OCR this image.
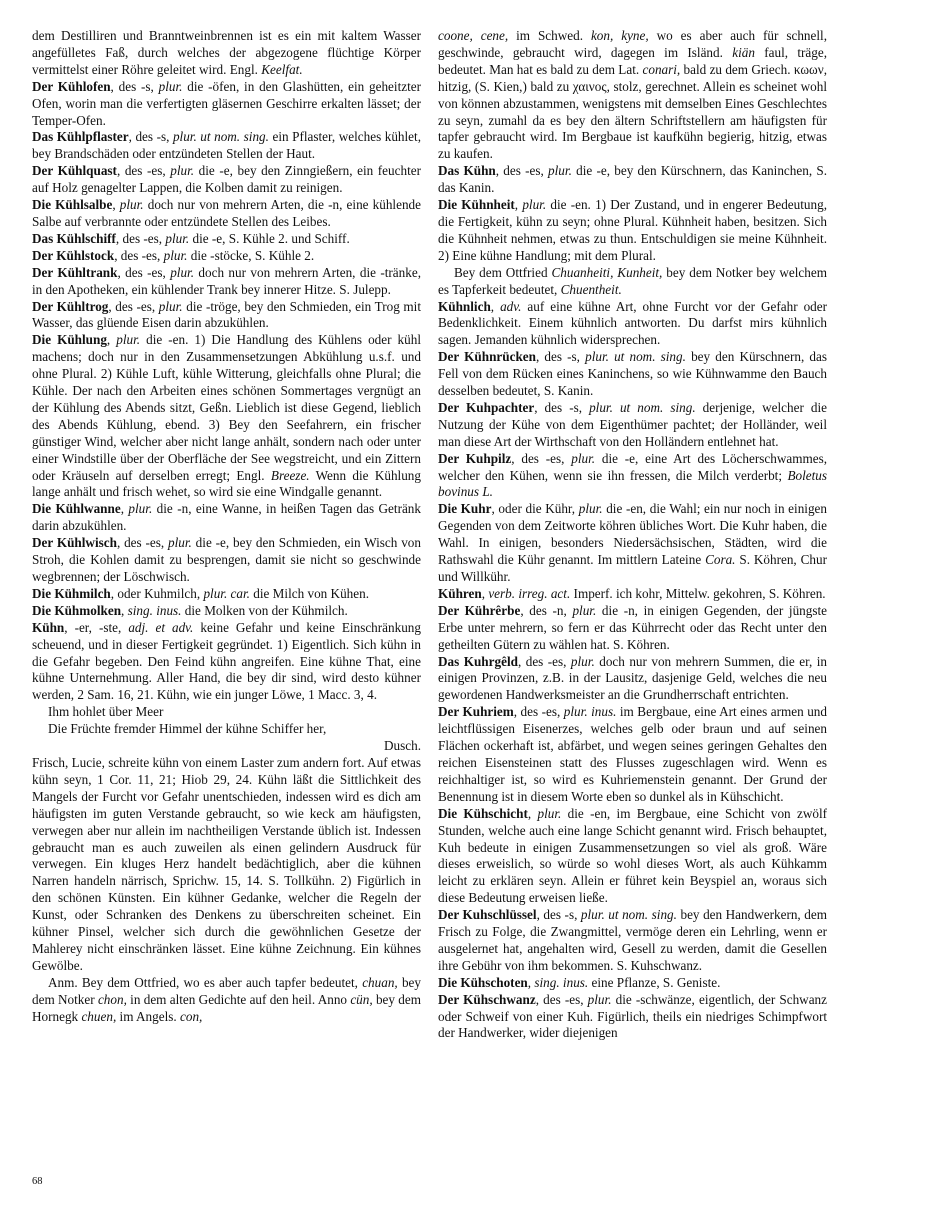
dem Destilliren und Branntweinbrennen ist es ein mit kaltem Wasser angefülletes Faß, durch welches der abgezogene flüchtige Körper vermittelst einer Röhre geleitet wird. Engl. Keelfat.

Der Kühlofen, des -s, plur. die -öfen, in den Glashütten, ein geheitzter Ofen, worin man die verfertigten gläsernen Geschirre erkalten lässet; der Temper-Ofen.

Das Kühlpflaster, des -s, plur. ut nom. sing. ein Pflaster, welches kühlet, bey Brandschäden oder entzündeten Stellen der Haut.

Der Kühlquast, des -es, plur. die -e, bey den Zinngießern, ein feuchter auf Holz genagelter Lappen, die Kolben damit zu reinigen.

Die Kühlsalbe, plur. doch nur von mehrern Arten, die -n, eine kühlende Salbe auf verbrannte oder entzündete Stellen des Leibes.

Das Kühlschiff, des -es, plur. die -e, S. Kühle 2. und Schiff.

Der Kühlstock, des -es, plur. die -stöcke, S. Kühle 2.

Der Kühltrank, des -es, plur. doch nur von mehrern Arten, die -tränke, in den Apotheken, ein kühlender Trank bey innerer Hitze. S. Julepp.

Der Kühltrog, des -es, plur. die -tröge, bey den Schmieden, ein Trog mit Wasser, das glüende Eisen darin abzukühlen.

Die Kühlung, plur. die -en. 1) Die Handlung des Kühlens oder kühl machens; doch nur in den Zusammensetzungen Abkühlung u.s.f. und ohne Plural. 2) Kühle Luft, kühle Witterung, gleichfalls ohne Plural; die Kühle. Der nach den Arbeiten eines schönen Sommertages vergnügt an der Kühlung des Abends sitzt, Geßn. Lieblich ist diese Gegend, lieblich des Abends Kühlung, ebend. 3) Bey den Seefahrern, ein frischer günstiger Wind, welcher aber nicht lange anhält, sondern nach oder unter einer Windstille über der Oberfläche der See wegstreicht, und ein Zittern oder Kräuseln auf derselben erregt; Engl. Breeze. Wenn die Kühlung lange anhält und frisch wehet, so wird sie eine Windgalle genannt.

Die Kühlwanne, plur. die -n, eine Wanne, in heißen Tagen das Getränk darin abzukühlen.

Der Kühlwisch, des -es, plur. die -e, bey den Schmieden, ein Wisch von Stroh, die Kohlen damit zu besprengen, damit sie nicht so geschwinde wegbrennen; der Löschwisch.

Die Kühmilch, oder Kuhmilch, plur. car. die Milch von Kühen.

Die Kühmolken, sing. inus. die Molken von der Kühmilch.

Kühn, -er, -ste, adj. et adv. keine Gefahr und keine Einschränkung scheuend, und in dieser Fertigkeit gegründet. 1) Eigentlich. Sich kühn in die Gefahr begeben. Den Feind kühn angreifen. Eine kühne That, eine kühne Unternehmung. Aller Hand, die bey dir sind, wird desto kühner werden, 2 Sam. 16, 21. Kühn, wie ein junger Löwe, 1 Macc. 3, 4.

Ihm hohlet über Meer

Die Früchte fremder Himmel der kühne Schiffer her,

Dusch.

Frisch, Lucie, schreite kühn von einem Laster zum andern fort. Auf etwas kühn seyn, 1 Cor. 11, 21; Hiob 29, 24. Kühn läßt die Sittlichkeit des Mangels der Furcht vor Gefahr unentschieden, indessen wird es dich am häufigsten im guten Verstande gebraucht, so wie keck am häufigsten, verwegen aber nur allein im nachtheiligen Verstande üblich ist. Indessen gebraucht man es auch zuweilen als einen gelindern Ausdruck für verwegen. Ein kluges Herz handelt bedächtiglich, aber die kühnen Narren handeln närrisch, Sprichw. 15, 14. S. Tollkühn. 2) Figürlich in den schönen Künsten. Ein kühner Gedanke, welcher die Regeln der Kunst, oder Schranken des Denkens zu überschreiten scheinet. Ein kühner Pinsel, welcher sich durch die gewöhnlichen Gesetze der Mahlerey nicht einschränken lässet. Eine kühne Zeichnung. Ein kühnes Gewölbe.

Anm. Bey dem Ottfried, wo es aber auch tapfer bedeutet, chuan, bey dem Notker chon, in dem alten Gedichte auf den heil. Anno cün, bey dem Hornegk chuen, im Angels. con,

coone, cene, im Schwed. kon, kyne, wo es aber auch für schnell, geschwinde, gebraucht wird, dagegen im Isländ. kiän faul, träge, bedeutet. Man hat es bald zu dem Lat. conari, bald zu dem Griech. κωων, hitzig, (S. Kien,) bald zu χαινος, stolz, gerechnet. Allein es scheinet wohl von können abzustammen, wenigstens mit demselben Eines Geschlechtes zu seyn, zumahl da es bey den ältern Schriftstellern am häufigsten für tapfer gebraucht wird. Im Bergbaue ist kaufkühn begierig, hitzig, etwas zu kaufen.

Das Kühn, des -es, plur. die -e, bey den Kürschnern, das Kaninchen, S. das Kanin.

Die Kühnheit, plur. die -en. 1) Der Zustand, und in engerer Bedeutung, die Fertigkeit, kühn zu seyn; ohne Plural. Kühnheit haben, besitzen. Sich die Kühnheit nehmen, etwas zu thun. Entschuldigen sie meine Kühnheit. 2) Eine kühne Handlung; mit dem Plural.

Bey dem Ottfried Chuanheiti, Kunheit, bey dem Notker bey welchem es Tapferkeit bedeutet, Chuentheit.

Kühnlich, adv. auf eine kühne Art, ohne Furcht vor der Gefahr oder Bedenklichkeit. Einem kühnlich antworten. Du darfst mirs kühnlich sagen. Jemanden kühnlich widersprechen.

Der Kühnrücken, des -s, plur. ut nom. sing. bey den Kürschnern, das Fell von dem Rücken eines Kaninchens, so wie Kühnwamme den Bauch desselben bedeutet, S. Kanin.

Der Kuhpachter, des -s, plur. ut nom. sing. derjenige, welcher die Nutzung der Kühe von dem Eigenthümer pachtet; der Holländer, weil man diese Art der Wirthschaft von den Holländern entlehnet hat.

Der Kuhpilz, des -es, plur. die -e, eine Art des Löcherschwammes, welcher den Kühen, wenn sie ihn fressen, die Milch verderbt; Boletus bovinus L.

Die Kuhr, oder die Kühr, plur. die -en, die Wahl; ein nur noch in einigen Gegenden von dem Zeitworte köhren übliches Wort. Die Kuhr haben, die Wahl. In einigen, besonders Niedersächsischen, Städten, wird die Rathswahl die Kühr genannt. Im mittlern Lateine Cora. S. Köhren, Chur und Willkühr.

Kühren, verb. irreg. act. Imperf. ich kohr, Mittelw. gekohren, S. Köhren.

Der Kührêrbe, des -n, plur. die -n, in einigen Gegenden, der jüngste Erbe unter mehrern, so fern er das Kührrecht oder das Recht unter den getheilten Gütern zu wählen hat. S. Köhren.

Das Kuhrgêld, des -es, plur. doch nur von mehrern Summen, die er, in einigen Provinzen, z.B. in der Lausitz, dasjenige Geld, welches die neu gewordenen Handwerksmeister an die Grundherrschaft entrichten.

Der Kuhriem, des -es, plur. inus. im Bergbaue, eine Art eines armen und leichtflüssigen Eisenerzes, welches gelb oder braun und auf seinen Flächen ockerhaft ist, abfärbet, und wegen seines geringen Gehaltes den reichen Eisensteinen statt des Flusses zugeschlagen wird. Wenn es reichhaltiger ist, so wird es Kuhriemenstein genannt. Der Grund der Benennung ist in diesem Worte eben so dunkel als in Kühschicht.

Die Kühschicht, plur. die -en, im Bergbaue, eine Schicht von zwölf Stunden, welche auch eine lange Schicht genannt wird. Frisch behauptet, Kuh bedeute in einigen Zusammensetzungen so viel als groß. Wäre dieses erweislich, so würde so wohl dieses Wort, als auch Kühkamm leicht zu erklären seyn. Allein er führet kein Beyspiel an, woraus sich diese Bedeutung erweisen ließe.

Der Kuhschlüssel, des -s, plur. ut nom. sing. bey den Handwerkern, dem Frisch zu Folge, die Zwangmittel, vermöge deren ein Lehrling, wenn er ausgelernet hat, angehalten wird, Gesell zu werden, damit die Gesellen ihre Gebühr von ihm bekommen. S. Kuhschwanz.

Die Kühschoten, sing. inus. eine Pflanze, S. Geniste.

Der Kühschwanz, des -es, plur. die -schwänze, eigentlich, der Schwanz oder Schweif von einer Kuh. Figürlich, theils ein niedriges Schimpfwort der Handwerker, wider diejenigen

68
